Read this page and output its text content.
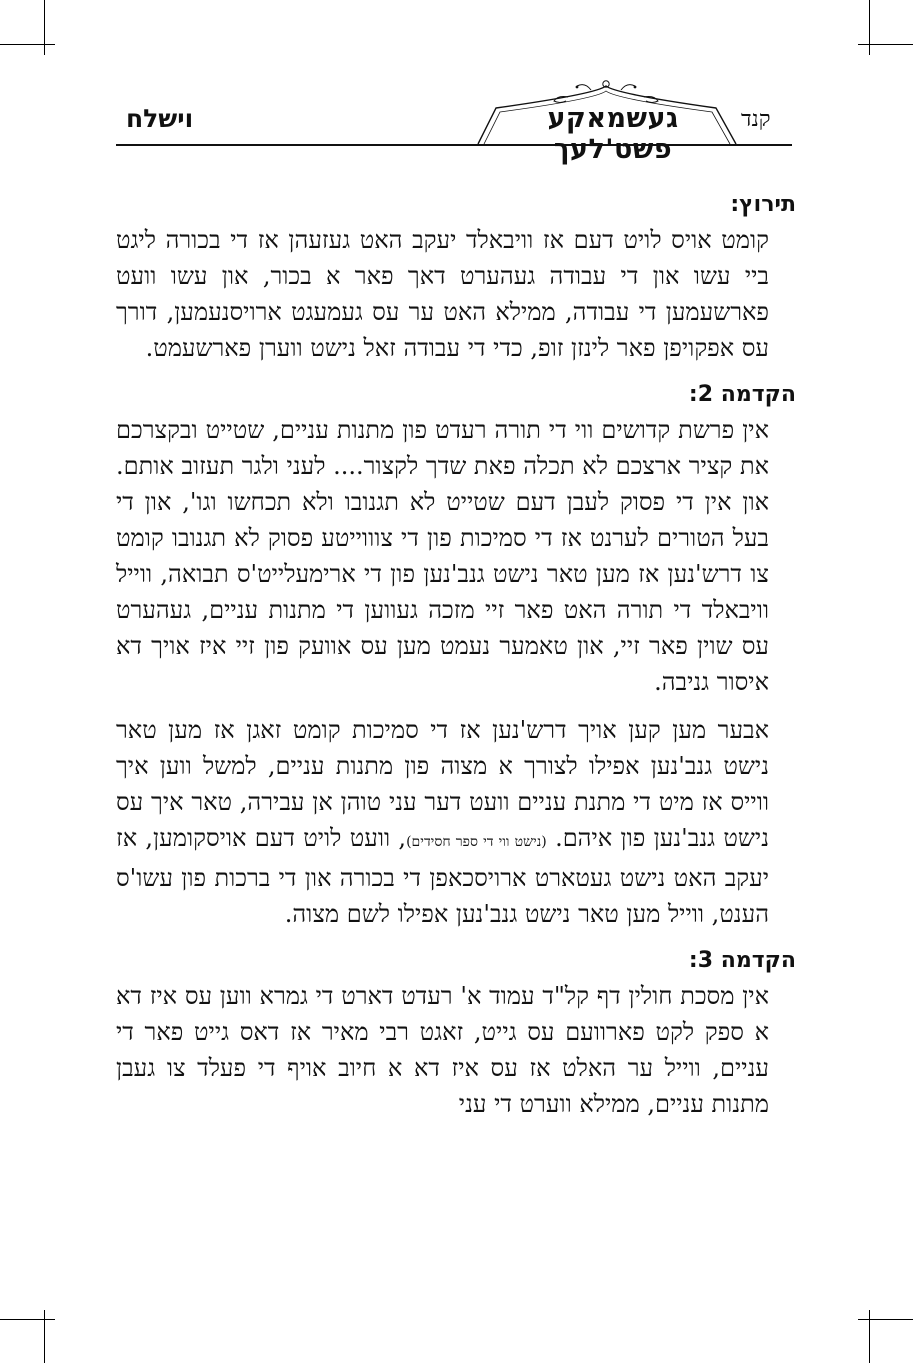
וישלח	געשמאקע פשט'לעך
קנד
תירוץ:

קומט אויס לויט דעם אז וויבאלד יעקב האט געזעהן אז די בכורה ליגט ביי עשו און די עבודה געהערט דאך פאר א בכור, און עשו וועט פארשעמען די עבודה, ממילא האט ער עס געמעגט ארויסנעמען, דורך עס אפקויפן פאר לינזן זופ, כדי די עבודה זאל נישט ווערן פארשעמט.

הקדמה 2:

אין פרשת קדושים ווי די תורה רעדט פון מתנות עניים, שטייט ובקצרכם את קציר ארצכם לא תכלה פאת שדך לקצור.... לעני ולגר תעזוב אותם. און אין די פסוק לעבן דעם שטייט לא תגנובו ולא תכחשו וגו', און די בעל הטורים לערנט אז די סמיכות פון די צוווייטע פסוק לא תגנובו קומט צו דרש'נען אז מען טאר נישט גנב'נען פון די ארימעלייט'ס תבואה, ווייל וויבאלד די תורה האט פאר זיי מזכה געווען די מתנות עניים, געהערט עס שוין פאר זיי, און טאמער נעמט מען עס אוועק פון זיי איז אויך דא איסור גניבה.

אבער מען קען אויך דרש'נען אז די סמיכות קומט זאגן אז מען טאר נישט גנב'נען אפילו לצורך א מצוה פון מתנות עניים, למשל ווען איך ווייס אז מיט די מתנת עניים וועט דער עני טוהן אן עבירה, טאר איך עס נישט גנב'נען פון איהם. (נישט ווי די ספר חסידים), וועט לויט דעם אויסקומען, אז יעקב האט נישט געטארט ארויסכאפן די בכורה און די ברכות פון עשו'ס הענט, ווייל מען טאר נישט גנב'נען אפילו לשם מצוה.

הקדמה 3:

אין מסכת חולין דף קל"ד עמוד א' רעדט דארט די גמרא ווען עס איז דא א ספק לקט פארוועם עס גייט, זאגט רבי מאיר אז דאס גייט פאר די עניים, ווייל ער האלט אז עס איז דא א חיוב אויף די פעלד צו געבן מתנות עניים, ממילא ווערט די עני
